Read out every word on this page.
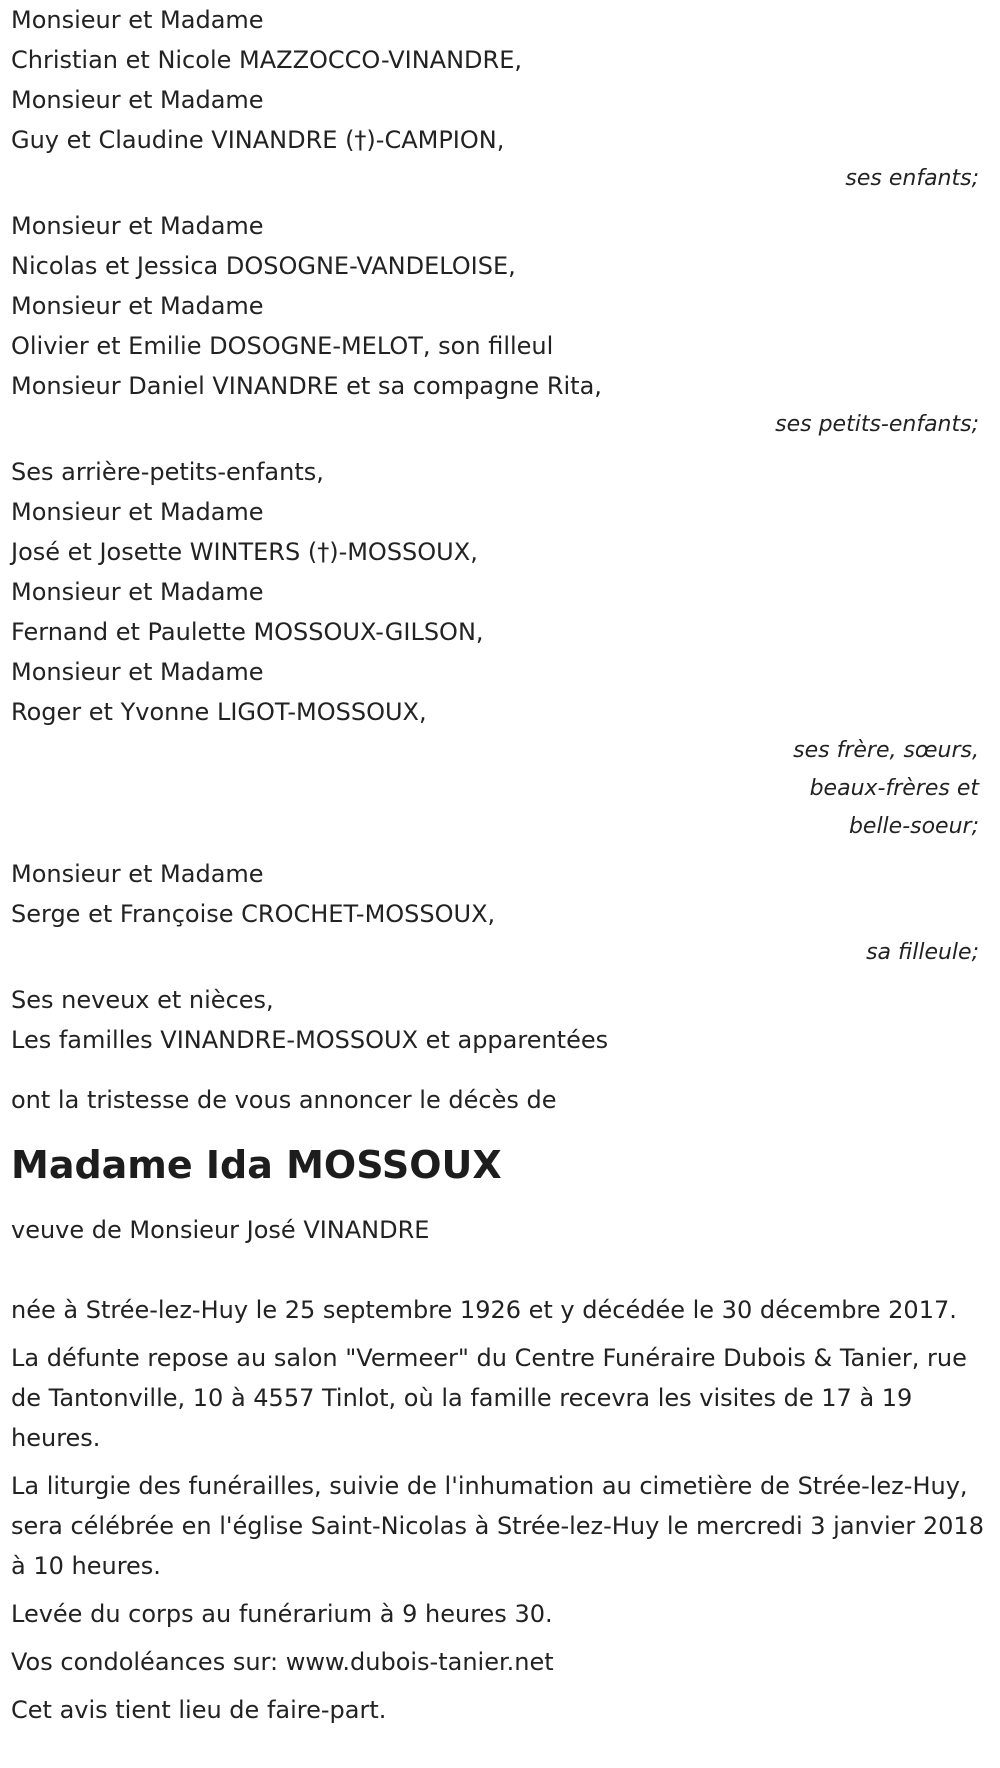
Monsieur et Madame
Christian et Nicole MAZZOCCO-VINANDRE,
Monsieur et Madame
Guy et Claudine VINANDRE (†)-CAMPION,
ses enfants;
Monsieur et Madame
Nicolas et Jessica DOSOGNE-VANDELOISE,
Monsieur et Madame
Olivier et Emilie DOSOGNE-MELOT, son filleul
Monsieur Daniel VINANDRE et sa compagne Rita,
ses petits-enfants;
Ses arrière-petits-enfants,
Monsieur et Madame
José et Josette WINTERS (†)-MOSSOUX,
Monsieur et Madame
Fernand et Paulette MOSSOUX-GILSON,
Monsieur et Madame
Roger et Yvonne LIGOT-MOSSOUX,
ses frère, sœurs,
beaux-frères et
belle-soeur;
Monsieur et Madame
Serge et Françoise CROCHET-MOSSOUX,
sa filleule;
Ses neveux et nièces,
Les familles VINANDRE-MOSSOUX et apparentées
ont la tristesse de vous annoncer le décès de
Madame Ida MOSSOUX
veuve de Monsieur José VINANDRE

née à Strée-lez-Huy le 25 septembre 1926 et y décédée le 30 décembre 2017.

La défunte repose au salon "Vermeer" du Centre Funéraire Dubois & Tanier, rue de Tantonville, 10 à 4557 Tinlot, où la famille recevra les visites de 17 à 19 heures.

La liturgie des funérailles, suivie de l'inhumation au cimetière de Strée-lez-Huy, sera célébrée en l'église Saint-Nicolas à Strée-lez-Huy le mercredi 3 janvier 2018 à 10 heures.

Levée du corps au funérarium à 9 heures 30.

Vos condoléances sur: www.dubois-tanier.net

Cet avis tient lieu de faire-part.
